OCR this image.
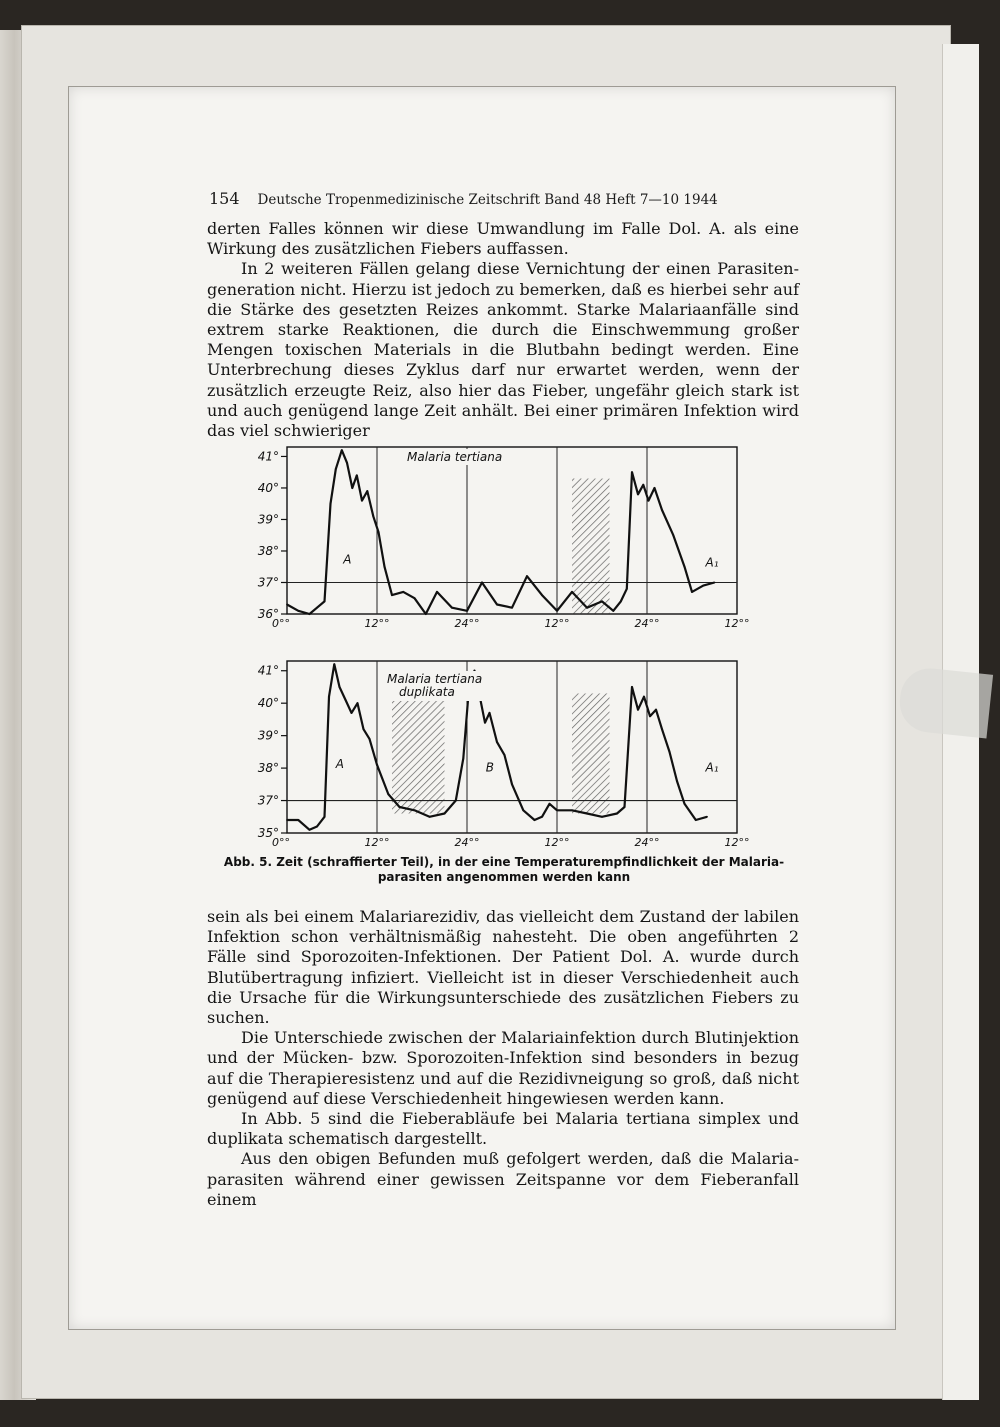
154 Deutsche Tropenmedizinische Zeitschrift Band 48 Heft 7—10 1944

derten Falles können wir diese Umwandlung im Falle Dol. A. als eine Wirkung des zusätzlichen Fiebers auffassen.

In 2 weiteren Fällen gelang diese Vernichtung der einen Parasiten-generation nicht. Hierzu ist jedoch zu bemerken, daß es hierbei sehr auf die Stärke des gesetzten Reizes ankommt. Starke Malariaanfälle sind extrem starke Reaktionen, die durch die Einschwemmung großer Mengen toxischen Materials in die Blutbahn bedingt werden. Eine Unterbrechung dieses Zyklus darf nur erwartet werden, wenn der zusätzlich erzeugte Reiz, also hier das Fieber, ungefähr gleich stark ist und auch genügend lange Zeit anhält. Bei einer primären Infektion wird das viel schwieriger

41°
40°
39°
38°
37°
36°
0°°	12°°	24°°	12°°	24°°	12°°
A	A₁
Malaria tertiana
41°
40°
39°
38°
37°
35°
0°°	12°°	24°°	12°°	24°°	12°°
A	B	A₁
Malaria tertiana duplikata
Abb. 5. Zeit (schraffierter Teil), in der eine Temperaturempfindlichkeit der Malaria-
parasiten angenommen werden kann

sein als bei einem Malariarezidiv, das vielleicht dem Zustand der labilen Infektion schon verhältnismäßig nahesteht. Die oben angeführten 2 Fälle sind Sporozoiten-Infektionen. Der Patient Dol. A. wurde durch Blutübertragung infiziert. Vielleicht ist in dieser Verschiedenheit auch die Ursache für die Wirkungsunterschiede des zusätzlichen Fiebers zu suchen.

Die Unterschiede zwischen der Malariainfektion durch Blutinjektion und der Mücken- bzw. Sporozoiten-Infektion sind besonders in bezug auf die Therapieresistenz und auf die Rezidivneigung so groß, daß nicht genügend auf diese Verschiedenheit hingewiesen werden kann.

In Abb. 5 sind die Fieberabläufe bei Malaria tertiana simplex und duplikata schematisch dargestellt.

Aus den obigen Befunden muß gefolgert werden, daß die Malaria-parasiten während einer gewissen Zeitspanne vor dem Fieberanfall einem
